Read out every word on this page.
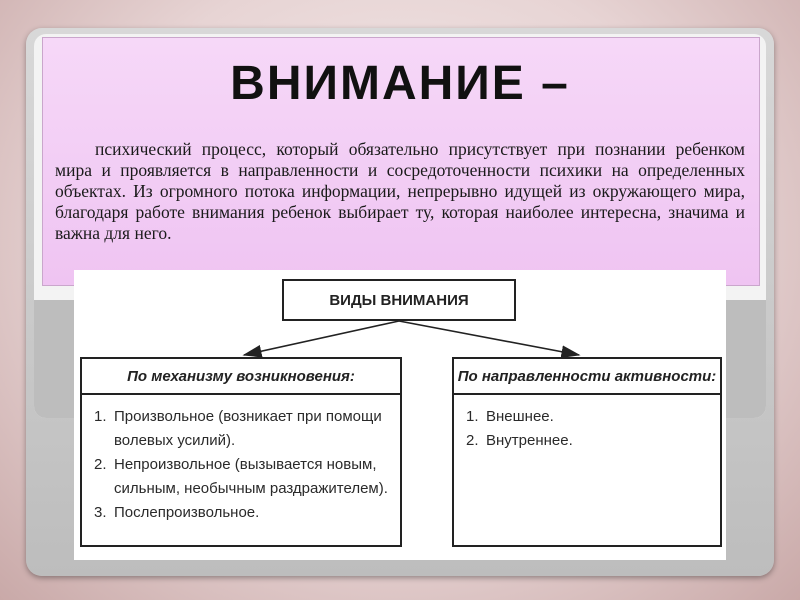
ВНИМАНИЕ –
психический процесс, который обязательно присутствует при познании ребенком мира и проявляется в направленности и сосредоточенности психики на определенных объектах. Из огромного потока информации, непрерывно идущей из окружающего мира, благодаря работе внимания ребенок выбирает ту, которая наиболее интересна, значима и важна для него.
ВИДЫ ВНИМАНИЯ
По механизму возникновения:
1. Произвольное (возникает при помощи волевых усилий).
2. Непроизвольное (вызывается новым, сильным, необычным раздражителем).
3. Послепроизвольное.
По направленности активности:
1. Внешнее.
2. Внутреннее.
